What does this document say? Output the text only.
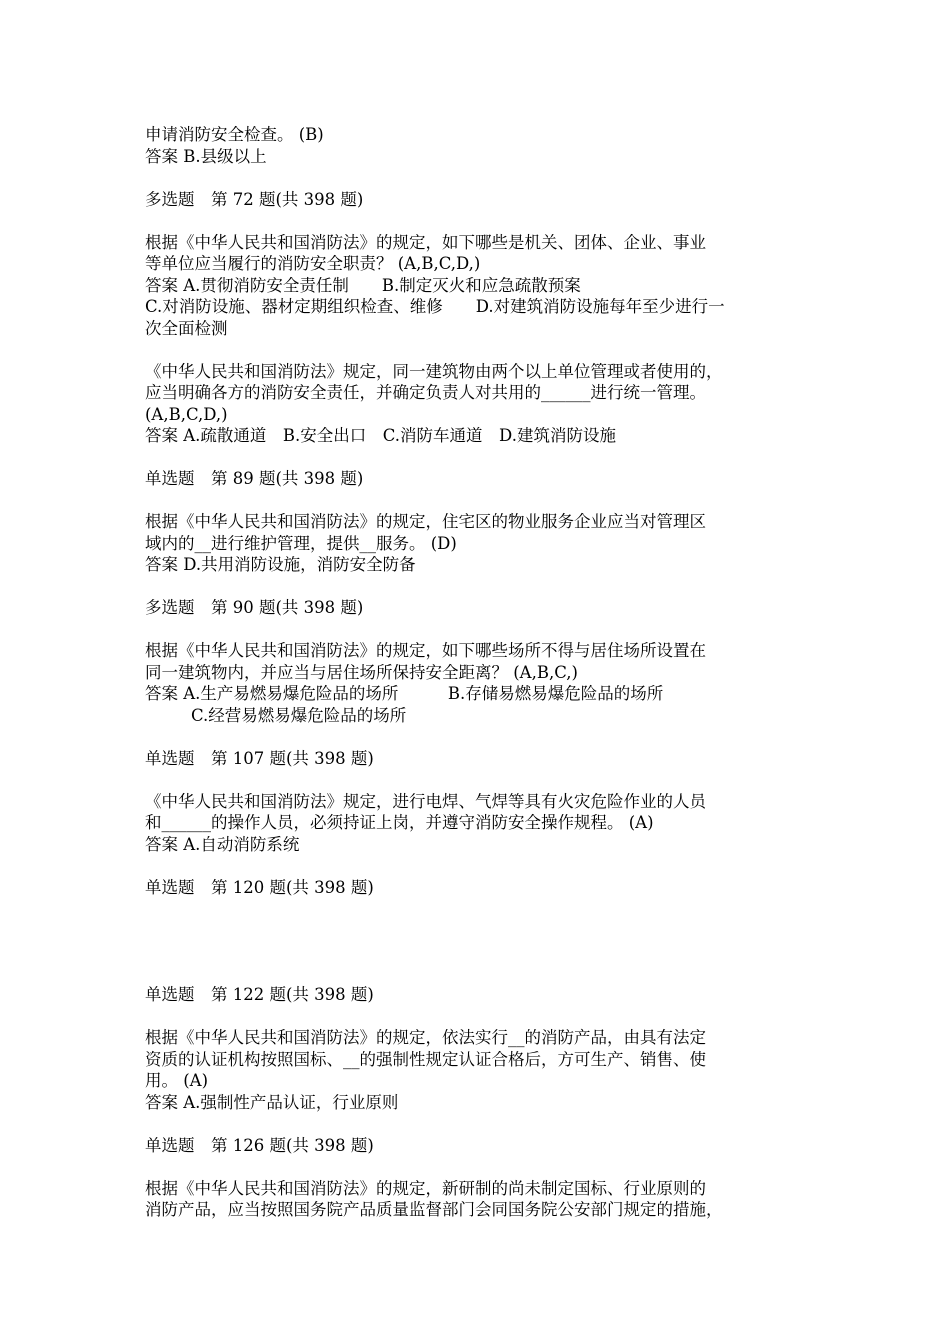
申请消防安全检查。 (B)
答案 B.县级以上
多选题　第 72 题(共 398 题)
根据《中华人民共和国消防法》的规定，如下哪些是机关、团体、企业、事业
等单位应当履行的消防安全职责？ (A,B,C,D,)
答案 A.贯彻消防安全责任制　　B.制定灭火和应急疏散预案
C.对消防设施、器材定期组织检查、维修　　D.对建筑消防设施每年至少进行一
次全面检测
《中华人民共和国消防法》规定，同一建筑物由两个以上单位管理或者使用的，
应当明确各方的消防安全责任，并确定负责人对共用的______进行统一管理。
(A,B,C,D,)
答案 A.疏散通道　B.安全出口　C.消防车通道　D.建筑消防设施
单选题　第 89 题(共 398 题)
根据《中华人民共和国消防法》的规定，住宅区的物业服务企业应当对管理区
域内的__进行维护管理，提供__服务。 (D)
答案 D.共用消防设施，消防安全防备
多选题　第 90 题(共 398 题)
根据《中华人民共和国消防法》的规定，如下哪些场所不得与居住场所设置在
同一建筑物内，并应当与居住场所保持安全距离？ (A,B,C,)
答案 A.生产易燃易爆危险品的场所　　　B.存储易燃易爆危险品的场所
C.经营易燃易爆危险品的场所
单选题　第 107 题(共 398 题)
《中华人民共和国消防法》规定，进行电焊、气焊等具有火灾危险作业的人员
和______的操作人员，必须持证上岗，并遵守消防安全操作规程。 (A)
答案 A.自动消防系统
单选题　第 120 题(共 398 题)
单选题　第 122 题(共 398 题)
根据《中华人民共和国消防法》的规定，依法实行__的消防产品，由具有法定
资质的认证机构按照国标、__的强制性规定认证合格后，方可生产、销售、使
用。 (A)
答案 A.强制性产品认证，行业原则
单选题　第 126 题(共 398 题)
根据《中华人民共和国消防法》的规定，新研制的尚未制定国标、行业原则的
消防产品，应当按照国务院产品质量监督部门会同国务院公安部门规定的措施，
